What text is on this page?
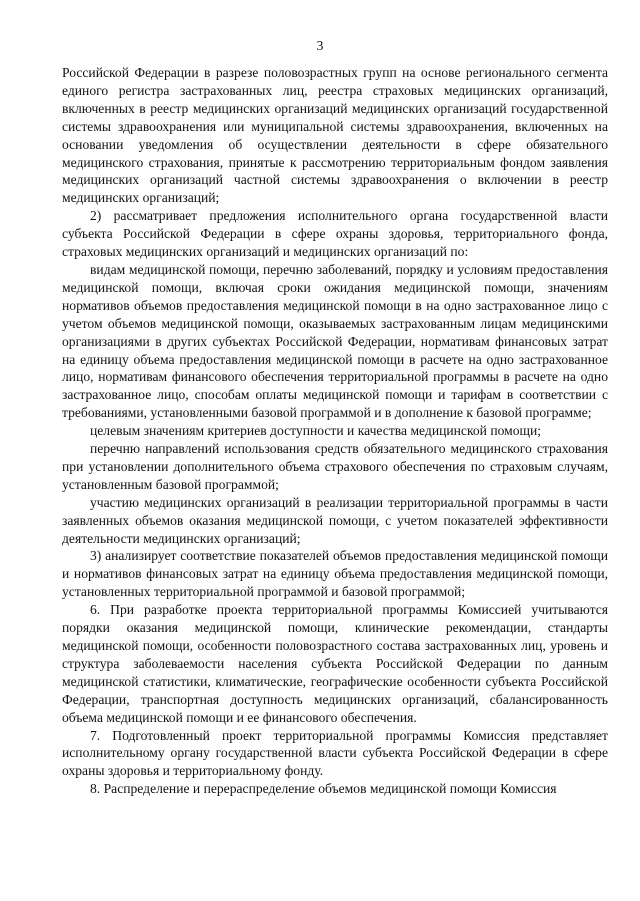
3

Российской Федерации в разрезе половозрастных групп на основе регионального сегмента единого регистра застрахованных лиц, реестра страховых медицинских организаций, включенных в реестр медицинских организаций медицинских организаций государственной системы здравоохранения или муниципальной системы здравоохранения, включенных на основании уведомления об осуществлении деятельности в сфере обязательного медицинского страхования, принятые к рассмотрению территориальным фондом заявления медицинских организаций частной системы здравоохранения о включении в реестр медицинских организаций;

2) рассматривает предложения исполнительного органа государственной власти субъекта Российской Федерации в сфере охраны здоровья, территориального фонда, страховых медицинских организаций и медицинских организаций по:

видам медицинской помощи, перечню заболеваний, порядку и условиям предоставления медицинской помощи, включая сроки ожидания медицинской помощи, значениям нормативов объемов предоставления медицинской помощи в на одно застрахованное лицо с учетом объемов медицинской помощи, оказываемых застрахованным лицам медицинскими организациями в других субъектах Российской Федерации, нормативам финансовых затрат на единицу объема предоставления медицинской помощи в расчете на одно застрахованное лицо, нормативам финансового обеспечения территориальной программы в расчете на одно застрахованное лицо, способам оплаты медицинской помощи и тарифам в соответствии с требованиями, установленными базовой программой и в дополнение к базовой программе;

целевым значениям критериев доступности и качества медицинской помощи;

перечню направлений использования средств обязательного медицинского страхования при установлении дополнительного объема страхового обеспечения по страховым случаям, установленным базовой программой;

участию медицинских организаций в реализации территориальной программы в части заявленных объемов оказания медицинской помощи, с учетом показателей эффективности деятельности медицинских организаций;

3) анализирует соответствие показателей объемов предоставления медицинской помощи и нормативов финансовых затрат на единицу объема предоставления медицинской помощи, установленных территориальной программой и базовой программой;

6. При разработке проекта территориальной программы Комиссией учитываются порядки оказания медицинской помощи, клинические рекомендации, стандарты медицинской помощи, особенности половозрастного состава застрахованных лиц, уровень и структура заболеваемости населения субъекта Российской Федерации по данным медицинской статистики, климатические, географические особенности субъекта Российской Федерации, транспортная доступность медицинских организаций, сбалансированность объема медицинской помощи и ее финансового обеспечения.

7. Подготовленный проект территориальной программы Комиссия представляет исполнительному органу государственной власти субъекта Российской Федерации в сфере охраны здоровья и территориальному фонду.

8. Распределение и перераспределение объемов медицинской помощи Комиссия
